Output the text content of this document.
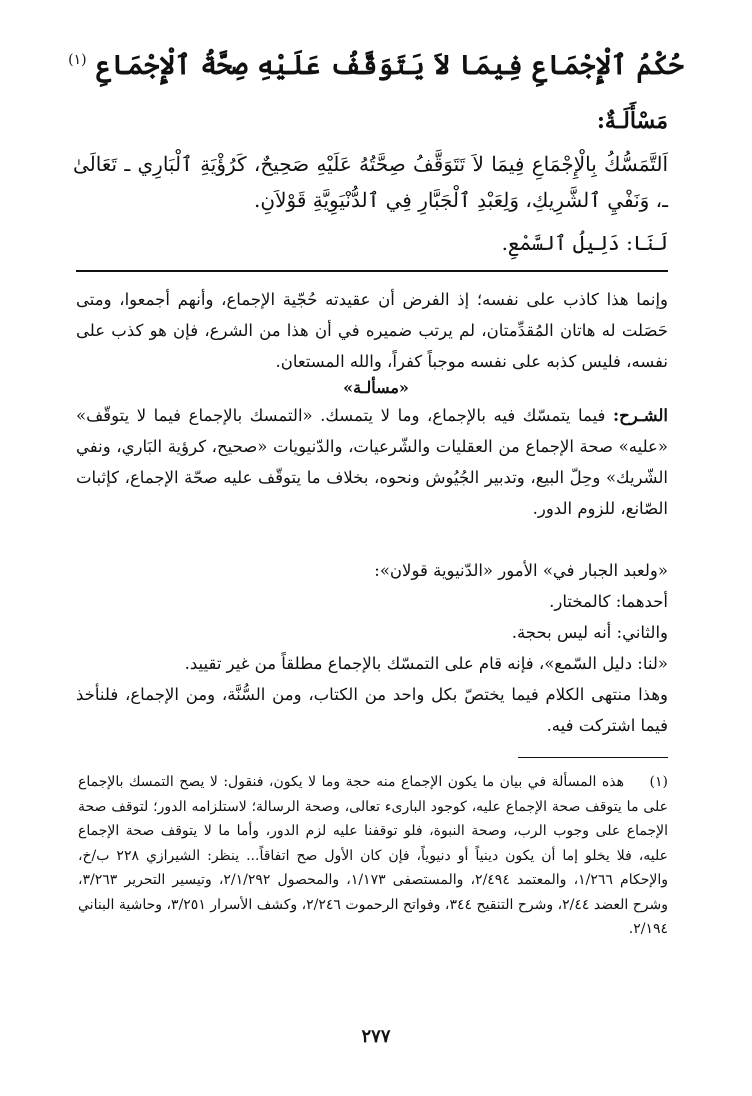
حُكْمُ ٱلْإِجْمَاعِ فِيمَا لاَ يَتَوَقَّفُ عَلَيْهِ صِحَّةُ ٱلْإِجْمَاعِ $^{(١)}$
مَسْأَلَـةٌ:
اَلتَّمَسُّكُ بِالْإِجْمَاعِ فِيمَا لاَ تَتَوَقَّفُ صِحَّتُهُ عَلَيْهِ صَحِيحٌ، كَرُؤْيَةِ ٱلْبَارِي ـ تَعَالَىٰ ـ، وَنَفْيِ ٱلشَّرِيكِ، وَلِعَبْدِ ٱلْجَبَّارِ فِي ٱلدُّنْيَوِيَّةِ قَوْلاَنِ.
لَنَا: دَلِيلُ ٱلسَّمْعِ.
وإنما هذا كاذب على نفسه؛ إذ الفرض أن عقيدته حُجّية الإجماع، وأنهم أجمعوا، ومتى حَصَلت له هاتان المُقدِّمتان، لم يرتب ضميره في أن هذا من الشرع، فإن هو كذب على نفسه، فليس كذبه على نفسه موجباً كفراً، والله المستعان.
«مسألـة»
الشـرح: فيما يتمسّك فيه بالإجماع، وما لا يتمسك. «التمسك بالإجماع فيما لا يتوقّف» «عليه» صحة الإجماع من العقليات والشّرعيات، والدّنيويات «صحيح، كرؤية البَاري، ونفي الشّريك» وحِلّ البيع، وتدبير الجُيُوش ونحوه، بخلاف ما يتوقّف عليه صحّة الإجماع، كإثبات الصّانع، للزوم الدور.
«ولعبد الجبار في» الأمور «الدّنيوية قولان»:
أحدهما: كالمختار.
والثاني: أنه ليس بحجة.
«لنا: دليل السّمع»، فإنه قام على التمسّك بالإجماع مطلقاً من غير تقييد.
وهذا منتهى الكلام فيما يختصّ بكل واحد من الكتاب، ومن السُّنَّة، ومن الإجماع، فلنأخذ فيما اشتركت فيه.
(١)
هذه المسألة في بيان ما يكون الإجماع منه حجة وما لا يكون، فنقول: لا يصح التمسك بالإجماع على ما يتوقف صحة الإجماع عليه، كوجود البارىء تعالى، وصحة الرسالة؛ لاستلزامه الدور؛ لتوقف صحة الإجماع على وجوب الرب، وصحة النبوة، فلو توقفنا عليه لزم الدور، وأما ما لا يتوقف صحة الإجماع عليه، فلا يخلو إما أن يكون دينياً أو دنيوياً، فإن كان الأول صح اتفاقاً... ينظر: الشيرازي ٢٢٨ ب/خ، والإحكام ١/٢٦٦، والمعتمد ٢/٤٩٤، والمستصفى ١/١٧٣، والمحصول ٢/١/٢٩٢، وتيسير التحرير ٣/٢٦٣، وشرح العضد ٢/٤٤، وشرح التنقيح ٣٤٤، وفواتح الرحموت ٢/٢٤٦، وكشف الأسرار ٣/٢٥١، وحاشية البناني ٢/١٩٤.
٢٧٧
